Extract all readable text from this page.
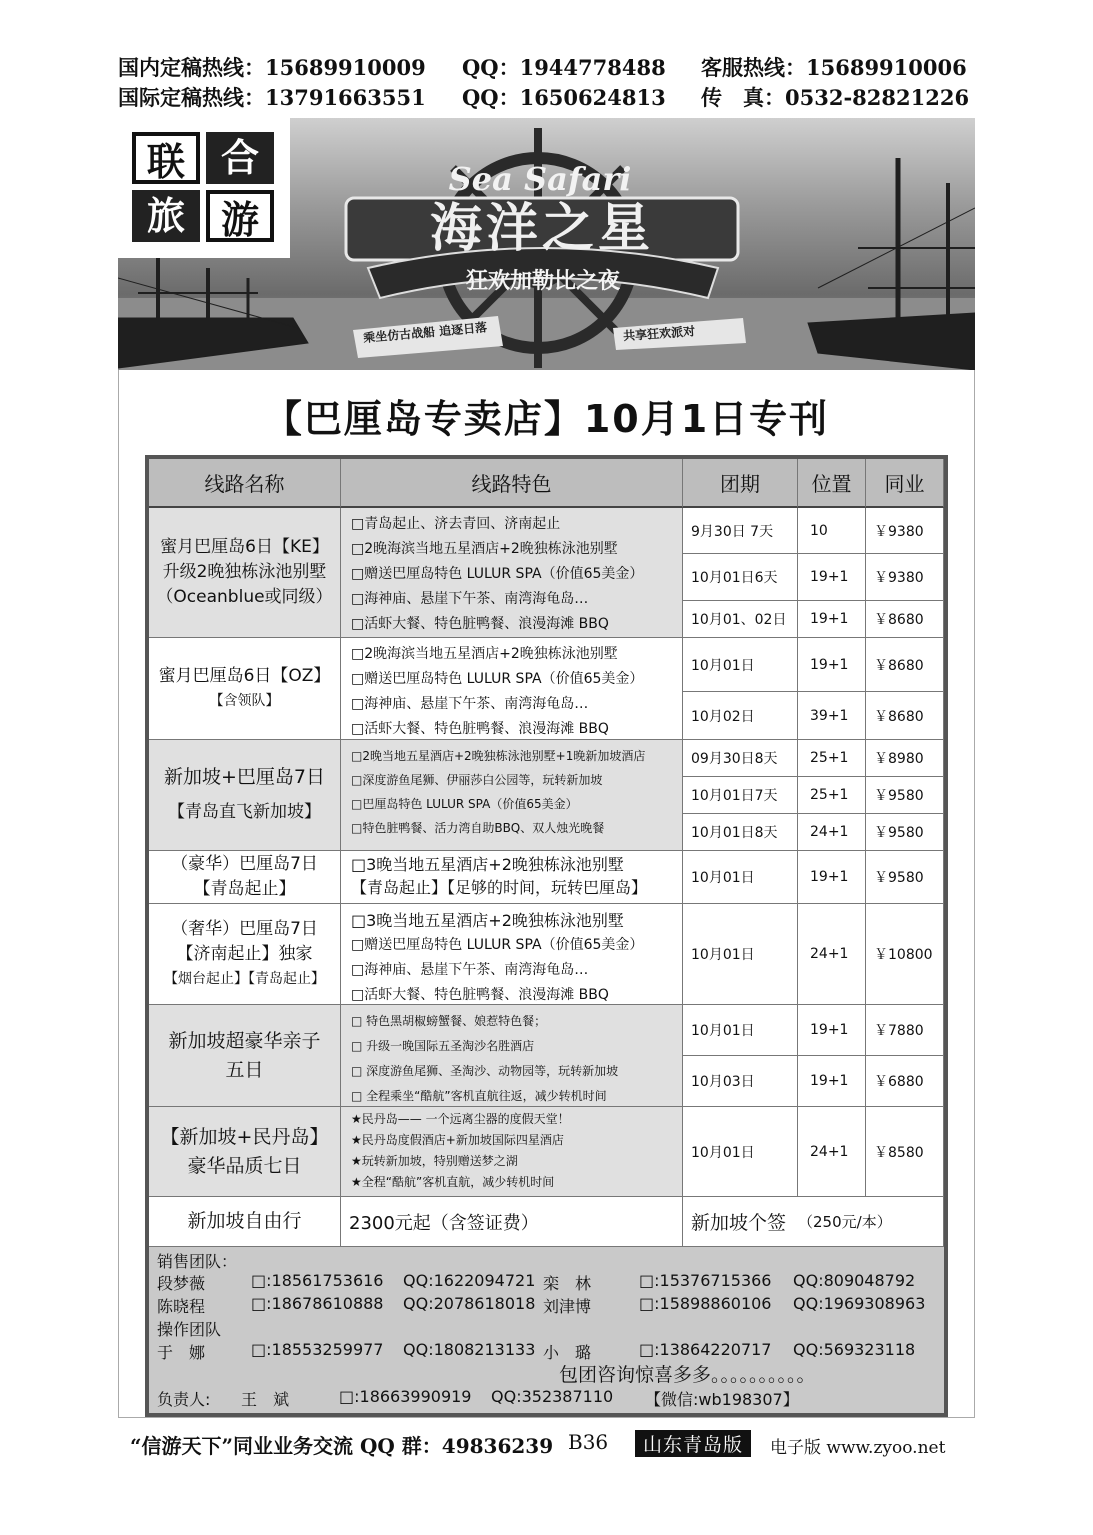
国内定稿热线：15689910009 QQ：1944778488 客服热线：15689910006
国际定稿热线：13791663551 QQ：1650624813 传　真：0532-82821226
Sea Safari
海洋之星
狂欢加勒比之夜
乘坐仿古战船 追逐日落	共享狂欢派对
联 合
旅 游
【巴厘岛专卖店】10月1日专刊
线路名称	线路特色	团期	位置	同业
蜜月巴厘岛6日【KE】
升级2晚独栋泳池别墅
（Oceanblue或同级）
□青岛起止、济去青回、济南起止
□2晚海滨当地五星酒店+2晚独栋泳池别墅
□赠送巴厘岛特色 LULUR SPA（价值65美金）
□海神庙、悬崖下午茶、南湾海龟岛…
□活虾大餐、特色脏鸭餐、浪漫海滩 BBQ
9月30日 7天	10	￥9380
10月01日6天	19+1	￥9380
10月01、02日	19+1	￥8680
蜜月巴厘岛6日【OZ】
【含领队】
□2晚海滨当地五星酒店+2晚独栋泳池别墅
□赠送巴厘岛特色 LULUR SPA（价值65美金）
□海神庙、悬崖下午茶、南湾海龟岛…
□活虾大餐、特色脏鸭餐、浪漫海滩 BBQ
10月01日	19+1	￥8680
10月02日	39+1	￥8680
新加坡+巴厘岛7日
【青岛直飞新加坡】
□2晚当地五星酒店+2晚独栋泳池别墅+1晚新加坡酒店
□深度游鱼尾狮、伊丽莎白公园等，玩转新加坡
□巴厘岛特色 LULUR SPA（价值65美金）
□特色脏鸭餐、活力湾自助BBQ、双人烛光晚餐
09月30日8天	25+1	￥8980
10月01日7天	25+1	￥9580
10月01日8天	24+1	￥9580
（豪华）巴厘岛7日
【青岛起止】
□3晚当地五星酒店+2晚独栋泳池别墅
【青岛起止】【足够的时间，玩转巴厘岛】	10月01日	19+1	￥9580
（奢华）巴厘岛7日
【济南起止】独家
【烟台起止】【青岛起止】
□3晚当地五星酒店+2晚独栋泳池别墅
□赠送巴厘岛特色 LULUR SPA（价值65美金）
□海神庙、悬崖下午茶、南湾海龟岛…
□活虾大餐、特色脏鸭餐、浪漫海滩 BBQ
10月01日	24+1	￥10800
新加坡超豪华亲子
五日
□ 特色黑胡椒螃蟹餐、娘惹特色餐；
□ 升级一晚国际五圣淘沙名胜酒店
□ 深度游鱼尾狮、圣淘沙、动物园等，玩转新加坡
□ 全程乘坐“酷航”客机直航往返，减少转机时间
10月01日	19+1	￥7880
10月03日	19+1	￥6880
【新加坡+民丹岛】
豪华品质七日
★民丹岛—— 一个远离尘器的度假天堂！
★民丹岛度假酒店+新加坡国际四星酒店
★玩转新加坡，特别赠送梦之湖
★全程“酷航”客机直航，减少转机时间
10月01日	24+1	￥8580
新加坡自由行	2300元起（含签证费）	新加坡个签 （250元/本）
销售团队：
段梦薇	□:18561753616 QQ:1622094721 栾　林	□:15376715366 QQ:809048792
陈晓程	□:18678610888 QQ:2078618018 刘津博	□:15898860106 QQ:1969308963
操作团队
于　娜	□:18553259977 QQ:1808213133 小　璐	□:13864220717 QQ:569323118
包团咨询惊喜多多。。。。。。。。。。
负责人: 王　斌	□:18663990919 QQ:352387110 【微信:wb198307】
“信游天下”同业业务交流 QQ 群：49836239 B36	山东青岛版	电子版 www.zyoo.net
